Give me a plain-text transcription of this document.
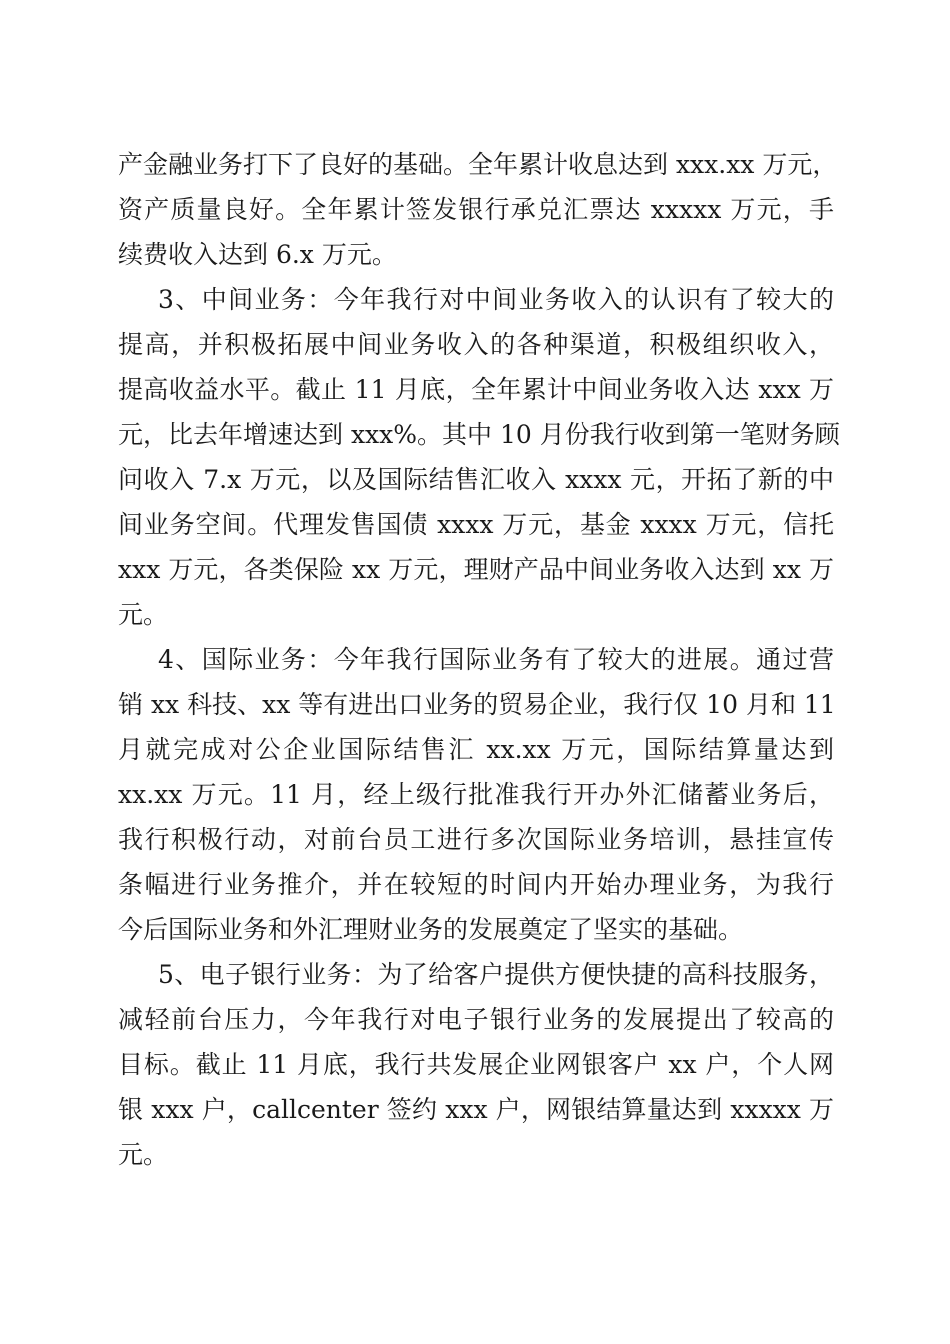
产金融业务打下了良好的基础。全年累计收息达到 xxx.xx 万元，
资产质量良好。全年累计签发银行承兑汇票达 xxxxx 万元，手
续费收入达到 6.x 万元。
3、中间业务：今年我行对中间业务收入的认识有了较大的
提高，并积极拓展中间业务收入的各种渠道，积极组织收入，
提高收益水平。截止 11 月底，全年累计中间业务收入达 xxx 万
元，比去年增速达到 xxx%。其中 10 月份我行收到第一笔财务顾
问收入 7.x 万元，以及国际结售汇收入 xxxx 元，开拓了新的中
间业务空间。代理发售国债 xxxx 万元，基金 xxxx 万元，信托
xxx 万元，各类保险 xx 万元，理财产品中间业务收入达到 xx 万
元。
4、国际业务：今年我行国际业务有了较大的进展。通过营
销 xx 科技、xx 等有进出口业务的贸易企业，我行仅 10 月和 11
月就完成对公企业国际结售汇 xx.xx 万元，国际结算量达到
xx.xx 万元。11 月，经上级行批准我行开办外汇储蓄业务后，
我行积极行动，对前台员工进行多次国际业务培训，悬挂宣传
条幅进行业务推介，并在较短的时间内开始办理业务，为我行
今后国际业务和外汇理财业务的发展奠定了坚实的基础。
5、电子银行业务：为了给客户提供方便快捷的高科技服务，
减轻前台压力，今年我行对电子银行业务的发展提出了较高的
目标。截止 11 月底，我行共发展企业网银客户 xx 户，个人网
银 xxx 户，callcenter 签约 xxx 户，网银结算量达到 xxxxx 万
元。
